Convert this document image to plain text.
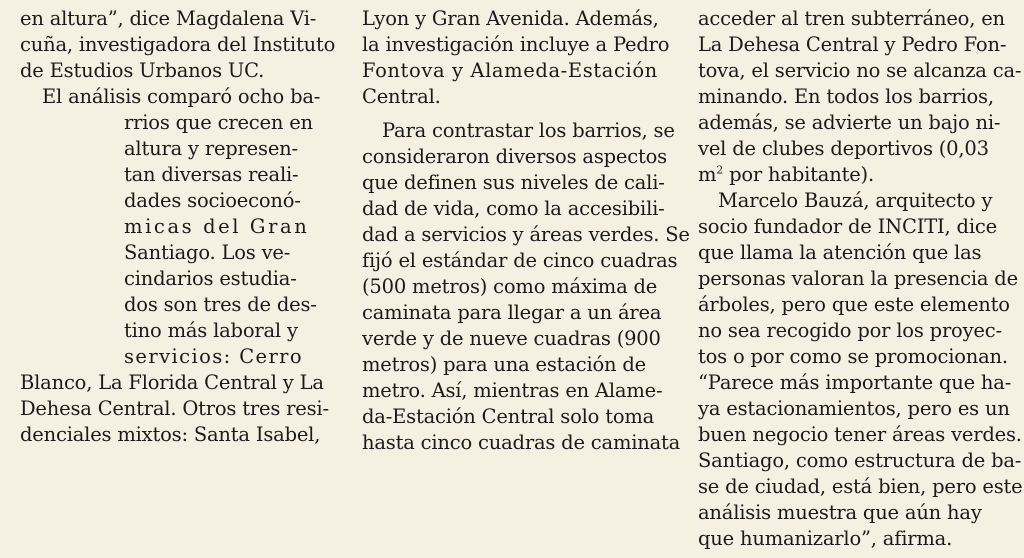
en altura”, dice Magdalena Vi-
cuña, investigadora del Instituto
de Estudios Urbanos UC.
El análisis comparó ocho ba-
rrios que crecen en
altura y represen-
tan diversas reali-
dades socioeconó-
micas del Gran
Santiago. Los ve-
cindarios estudia-
dos son tres de des-
tino más laboral y
servicios: Cerro
Blanco, La Florida Central y La
Dehesa Central. Otros tres resi-
denciales mixtos: Santa Isabel,
Lyon y Gran Avenida. Además,
la investigación incluye a Pedro
Fontova y Alameda-Estación
Central.
Para contrastar los barrios, se
consideraron diversos aspectos
que definen sus niveles de cali-
dad de vida, como la accesibili-
dad a servicios y áreas verdes. Se
fijó el estándar de cinco cuadras
(500 metros) como máxima de
caminata para llegar a un área
verde y de nueve cuadras (900
metros) para una estación de
metro. Así, mientras en Alame-
da-Estación Central solo toma
hasta cinco cuadras de caminata
acceder al tren subterráneo, en
La Dehesa Central y Pedro Fon-
tova, el servicio no se alcanza ca-
minando. En todos los barrios,
además, se advierte un bajo ni-
vel de clubes deportivos (0,03
$m^2$ por habitante).
Marcelo Bauzá, arquitecto y
socio fundador de INCITI, dice
que llama la atención que las
personas valoran la presencia de
árboles, pero que este elemento
no sea recogido por los proyec-
tos o por como se promocionan.
“Parece más importante que ha-
ya estacionamientos, pero es un
buen negocio tener áreas verdes.
Santiago, como estructura de ba-
se de ciudad, está bien, pero este
análisis muestra que aún hay
que humanizarlo”, afirma.
